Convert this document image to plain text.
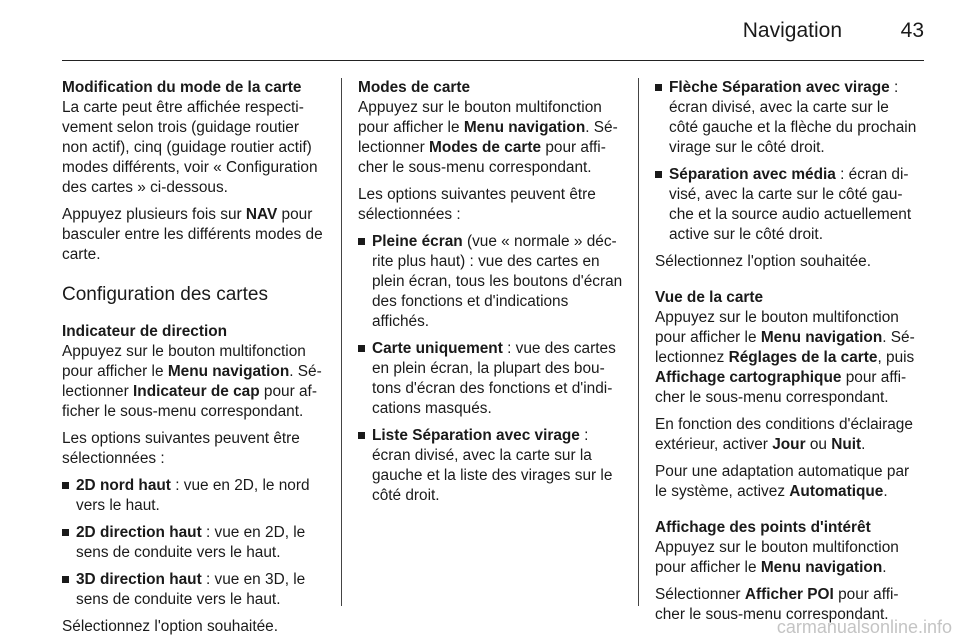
Navigation	43

Modification du mode de la carte

La carte peut être affichée respectivement selon trois (guidage routier non actif), cinq (guidage routier actif) modes différents, voir « Configuration des cartes » ci-dessous.

Appuyez plusieurs fois sur NAV pour basculer entre les différents modes de carte.

Configuration des cartes

Indicateur de direction

Appuyez sur le bouton multifonction pour afficher le Menu navigation. Sélectionner Indicateur de cap pour afficher le sous-menu correspondant.

Les options suivantes peuvent être sélectionnées :

2D nord haut : vue en 2D, le nord vers le haut.
2D direction haut : vue en 2D, le sens de conduite vers le haut.
3D direction haut : vue en 3D, le sens de conduite vers le haut.

Sélectionnez l'option souhaitée.

Modes de carte

Appuyez sur le bouton multifonction pour afficher le Menu navigation. Sélectionner Modes de carte pour afficher le sous-menu correspondant.

Les options suivantes peuvent être sélectionnées :

Pleine écran (vue « normale » décrite plus haut) : vue des cartes en plein écran, tous les boutons d'écran des fonctions et d'indications affichés.
Carte uniquement : vue des cartes en plein écran, la plupart des boutons d'écran des fonctions et d'indications masqués.
Liste Séparation avec virage : écran divisé, avec la carte sur la gauche et la liste des virages sur le côté droit.
Flèche Séparation avec virage : écran divisé, avec la carte sur le côté gauche et la flèche du prochain virage sur le côté droit.
Séparation avec média : écran divisé, avec la carte sur le côté gauche et la source audio actuellement active sur le côté droit.

Sélectionnez l'option souhaitée.

Vue de la carte

Appuyez sur le bouton multifonction pour afficher le Menu navigation. Sélectionnez Réglages de la carte, puis Affichage cartographique pour afficher le sous-menu correspondant.

En fonction des conditions d'éclairage extérieur, activer Jour ou Nuit.

Pour une adaptation automatique par le système, activez Automatique.

Affichage des points d'intérêt

Appuyez sur le bouton multifonction pour afficher le Menu navigation.

Sélectionner Afficher POI pour afficher le sous-menu correspondant.

carmanualsonline.info
